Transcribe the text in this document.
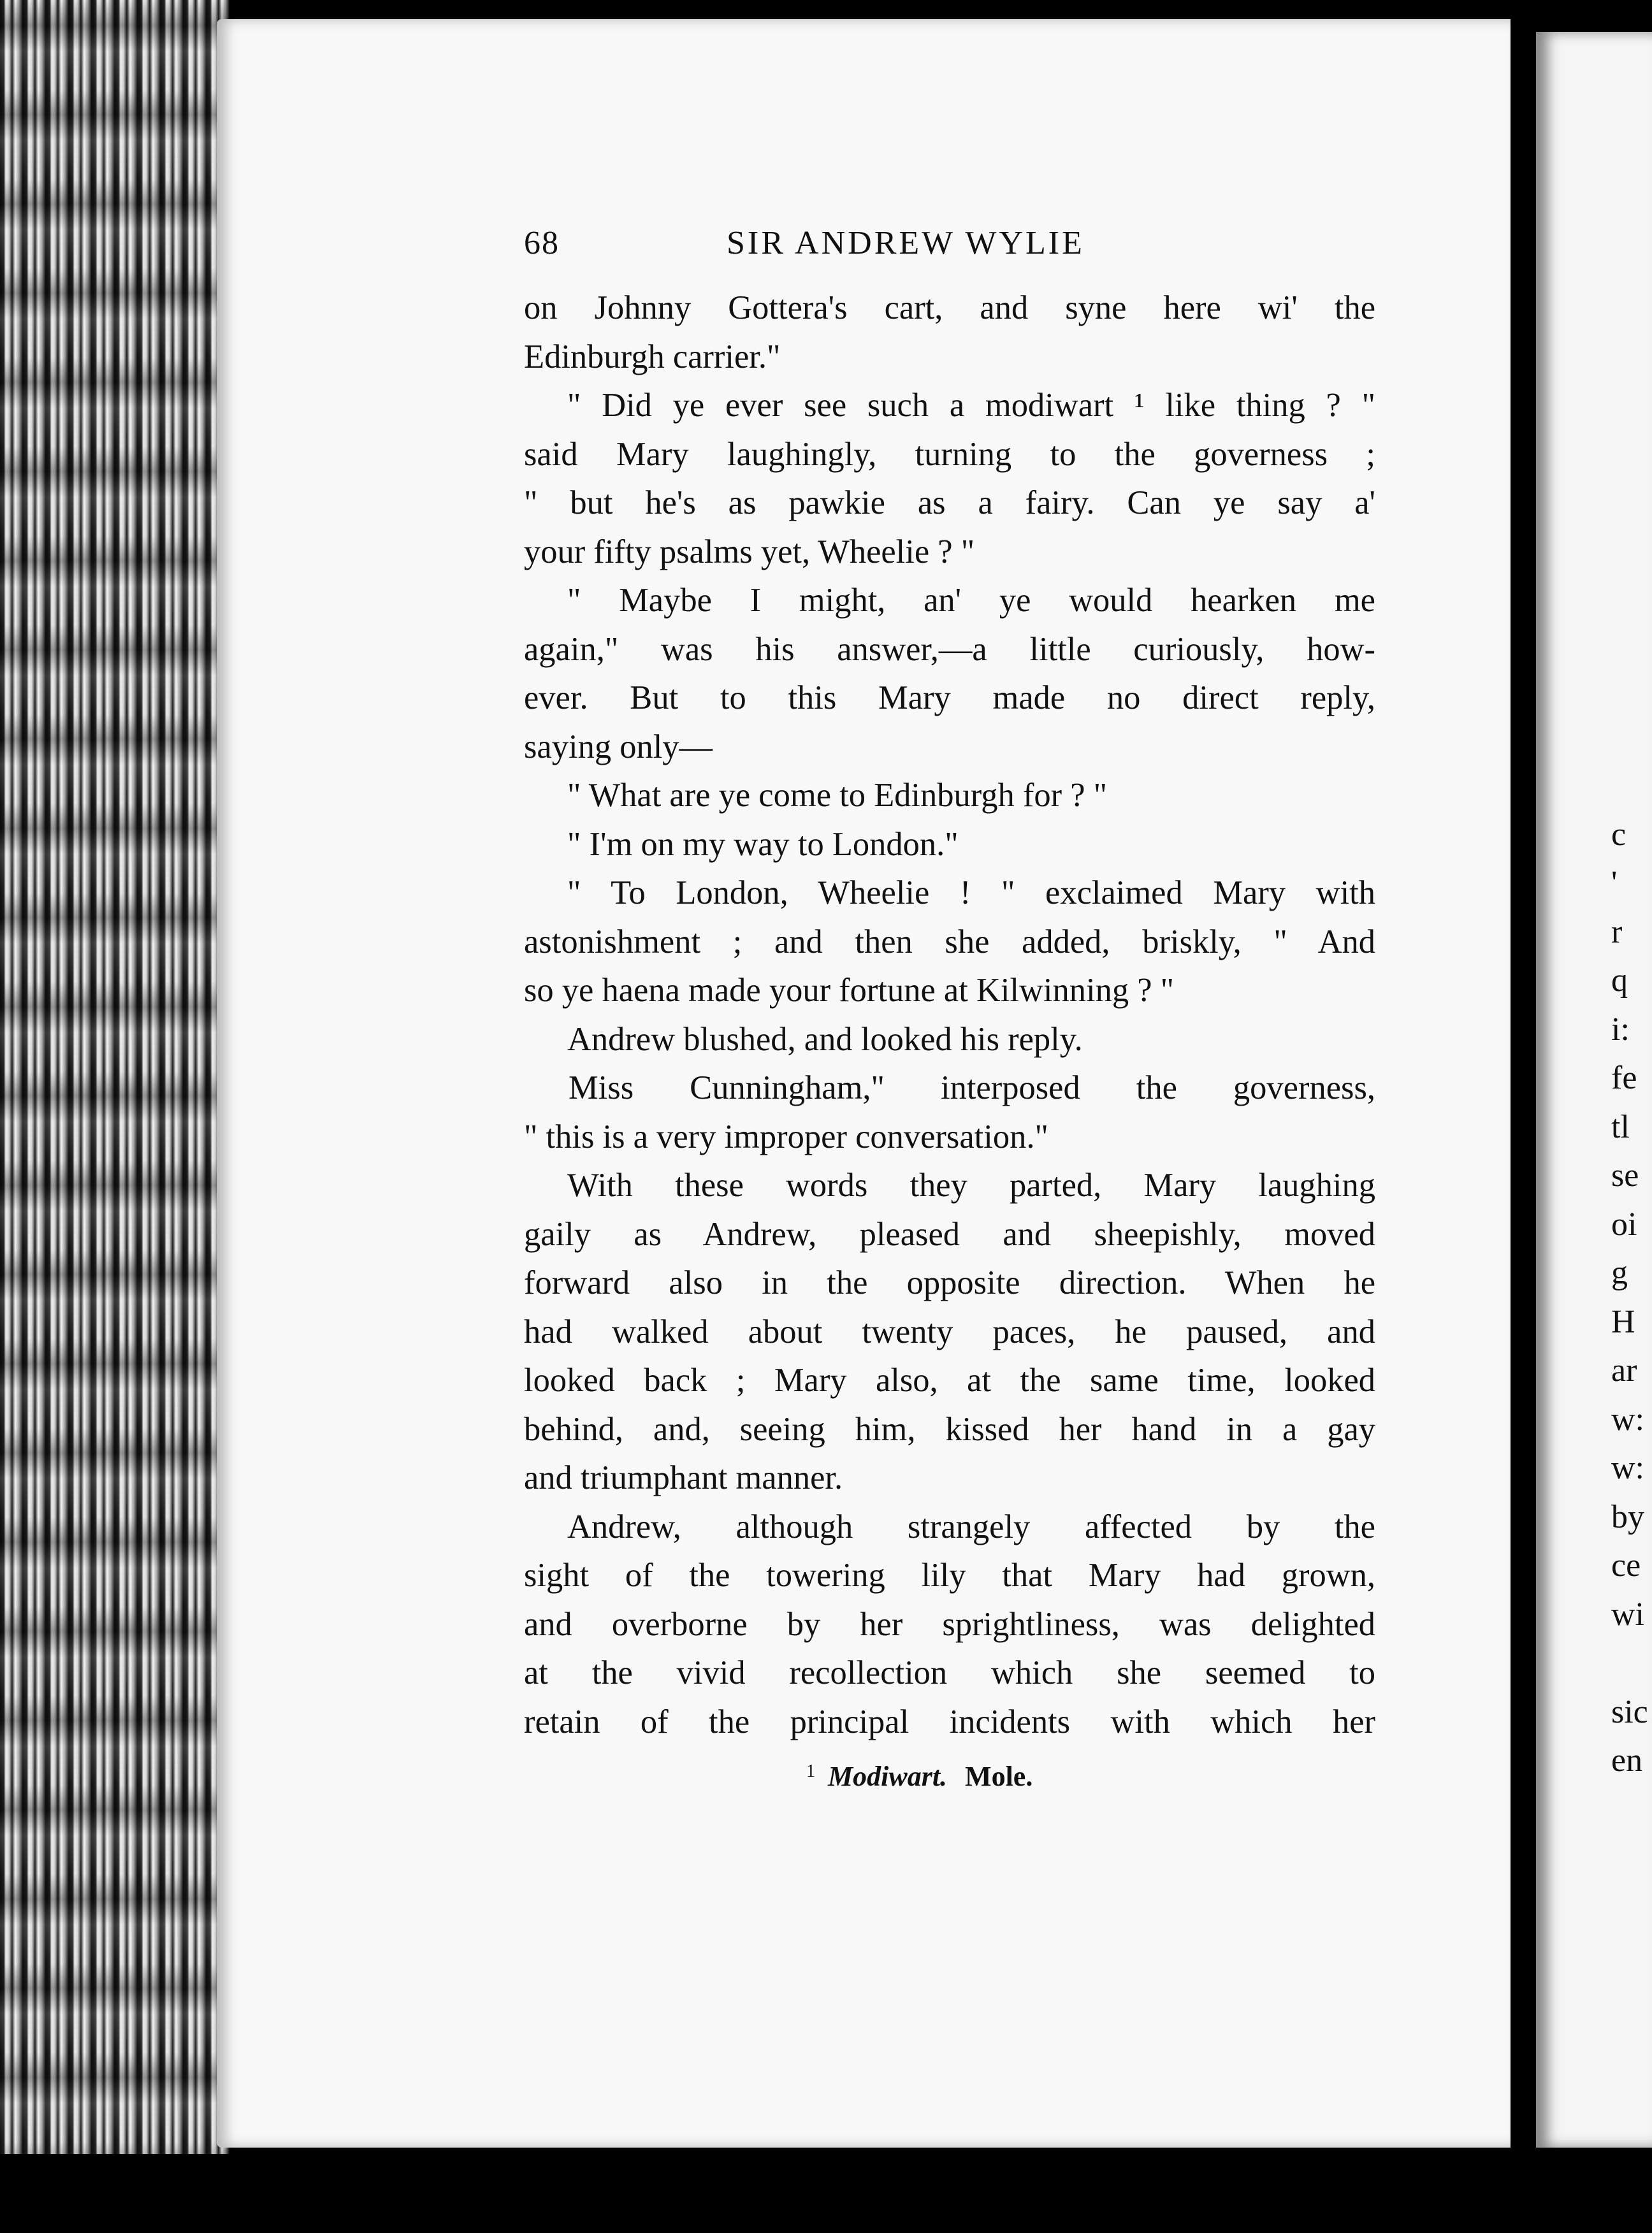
68	SIR ANDREW WYLIE
on Johnny Gottera's cart, and syne here wi' the
Edinburgh carrier."
" Did ye ever see such a modiwart ¹ like thing ? "
said Mary laughingly, turning to the governess ;
" but he's as pawkie as a fairy. Can ye say a'
your fifty psalms yet, Wheelie ? "
" Maybe I might, an' ye would hearken me
again," was his answer,—a little curiously, how-
ever. But to this Mary made no direct reply,
saying only—
" What are ye come to Edinburgh for ? "
" I'm on my way to London."
" To London, Wheelie ! " exclaimed Mary with
astonishment ; and then she added, briskly, " And
so ye haena made your fortune at Kilwinning ? "
Andrew blushed, and looked his reply.
Miss Cunningham," interposed the governess,
" this is a very improper conversation."
With these words they parted, Mary laughing
gaily as Andrew, pleased and sheepishly, moved
forward also in the opposite direction. When he
had walked about twenty paces, he paused, and
looked back ; Mary also, at the same time, looked
behind, and, seeing him, kissed her hand in a gay
and triumphant manner.
Andrew, although strangely affected by the
sight of the towering lily that Mary had grown,
and overborne by her sprightliness, was delighted
at the vivid recollection which she seemed to
retain of the principal incidents with which her
$^1$ Modiwart. Mole.
c
'
r
q
i:
fe
tl
se
oi
g
H
ar
w:
w:
by
ce
wi
sic
en
